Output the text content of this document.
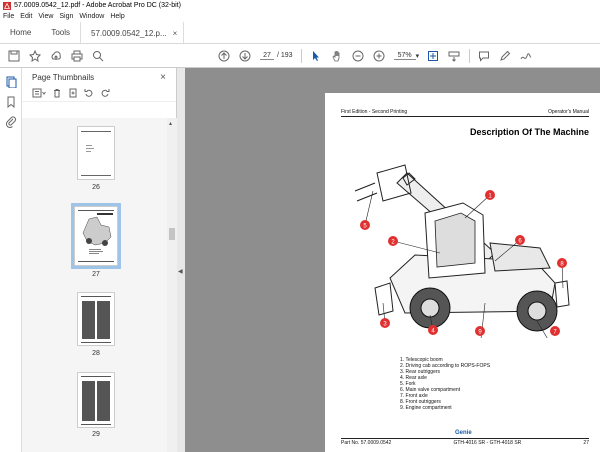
57.0009.0542_12.pdf - Adobe Acrobat Pro DC (32-bit)
File Edit View Sign Window Help
Home	Tools	57.0009.0542_12.p... ×
27 / 193	57% ▾
Page Thumbnails	×
26
27
28
29
▴
◀
First Edition - Second Printing	Operator's Manual
Description Of The Machine
1
2
3
4
5
6
7
8
9
1. Telescopic boom
2. Driving cab according to ROPS-FOPS
3. Rear outriggers
4. Rear axle
5. Fork
6. Main valve compartment
7. Front axle
8. Front outriggers
9. Engine compartment
Genie
Part No. 57.0009.0542	GTH-4016 SR - GTH-4018 SR	27
